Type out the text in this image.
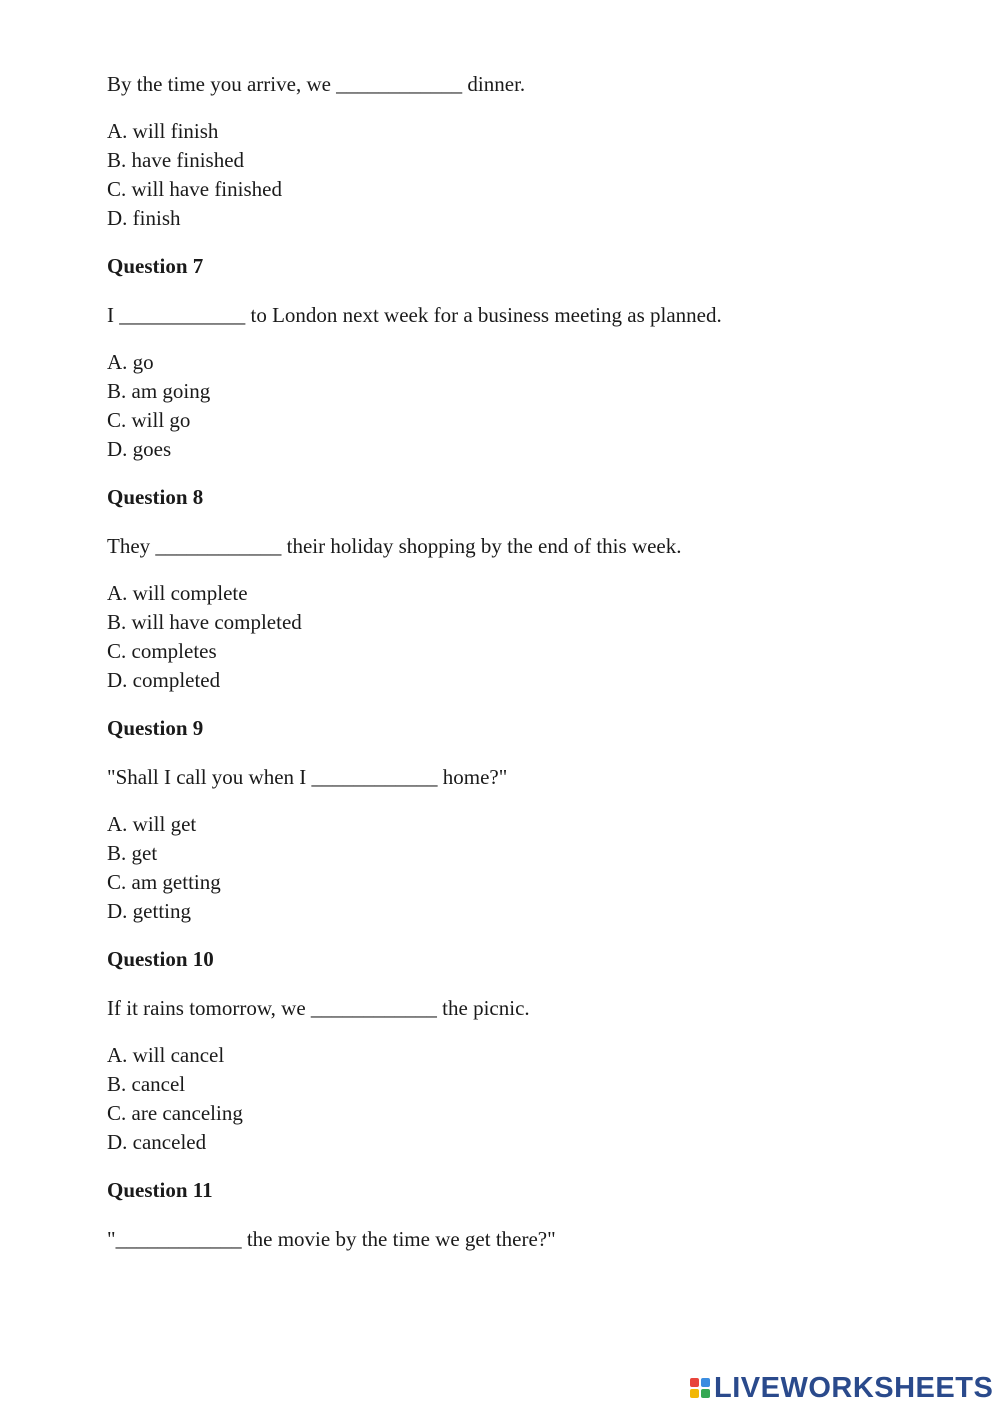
By the time you arrive, we ____________ dinner.

A. will finish
B. have finished
C. will have finished
D. finish

Question 7

I ____________ to London next week for a business meeting as planned.

A. go
B. am going
C. will go
D. goes

Question 8

They ____________ their holiday shopping by the end of this week.

A. will complete
B. will have completed
C. completes
D. completed

Question 9

"Shall I call you when I ____________ home?"

A. will get
B. get
C. am getting
D. getting

Question 10

If it rains tomorrow, we ____________ the picnic.

A. will cancel
B. cancel
C. are canceling
D. canceled

Question 11

"____________ the movie by the time we get there?"

LIVEWORKSHEETS
